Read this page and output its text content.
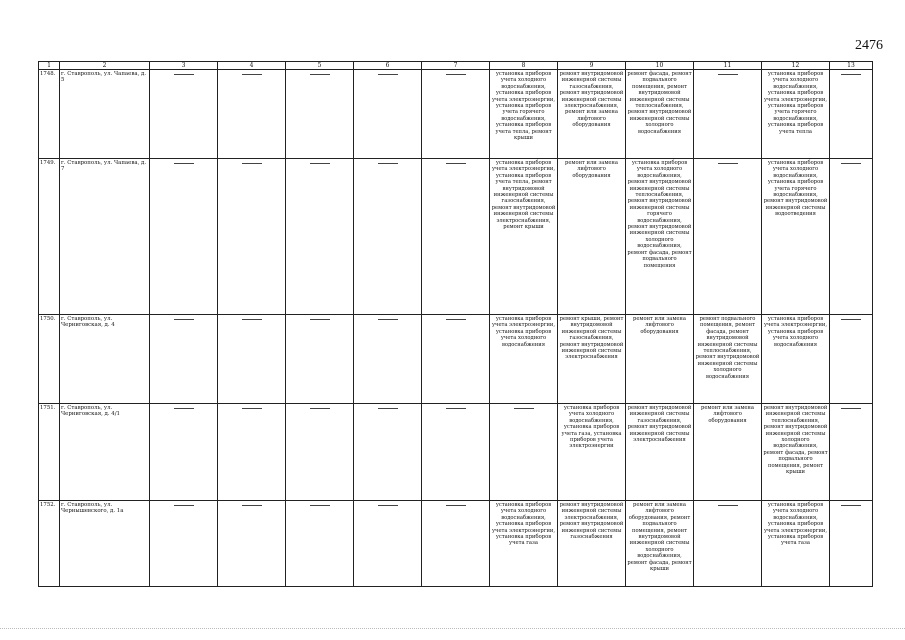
2476
1	2	3	4	5	6	7	8	9	10	11	12	13
1748.	г. Ставрополь, ул. Чапаева, д. 5						установка приборов учета холодного водоснабжения, установка приборов учета электроэнергии, установка приборов учета горячего водоснабжения, установка приборов учета тепла, ремонт крыши	ремонт внутридомовой инженерной системы газоснабжения, ремонт внутридомовой инженерной системы электроснабжения, ремонт или замена лифтового оборудования	ремонт фасада, ремонт подвального помещения, ремонт внутридомовой инженерной системы теплоснабжения, ремонт внутридомовой инженерной системы холодного водоснабжения		установка приборов учета холодного водоснабжения, установка приборов учета электроэнергии, установка приборов учета горячего водоснабжения, установка приборов учета тепла	

1749.	г. Ставрополь, ул. Чапаева, д. 7						установка приборов учета электроэнергии, установка приборов учета тепла, ремонт внутридомовой инженерной системы газоснабжения, ремонт внутридомовой инженерной системы электроснабжения, ремонт крыши	ремонт или замена лифтового оборудования	установка приборов учета холодного водоснабжения, ремонт внутридомовой инженерной системы теплоснабжения, ремонт внутридомовой инженерной системы горячего водоснабжения, ремонт внутридомовой инженерной системы холодного водоснабжения, ремонт фасада, ремонт подвального помещения		установка приборов учета холодного водоснабжения, установка приборов учета горячего водоснабжения, ремонт внутридомовой инженерной системы водоотведения	

1750.	г. Ставрополь, ул. Черниговская, д. 4						установка приборов учета электроэнергии, установка приборов учета холодного водоснабжения	ремонт крыши, ремонт внутридомовой инженерной системы газоснабжения, ремонт внутридомовой инженерной системы электроснабжения	ремонт или замена лифтового оборудования	ремонт подвального помещения, ремонт фасада, ремонт внутридомовой инженерной системы теплоснабжения, ремонт внутридомовой инженерной системы холодного водоснабжения	установка приборов учета электроэнергии, установка приборов учета холодного водоснабжения	

1751.	г. Ставрополь, ул. Черниговская, д. 4/1							установка приборов учета холодного водоснабжения, установка приборов учета газа, установка приборов учета электроэнергии	ремонт внутридомовой инженерной системы газоснабжения, ремонт внутридомовой инженерной системы электроснабжения	ремонт или замена лифтового оборудования	ремонт внутридомовой инженерной системы теплоснабжения, ремонт внутридомовой инженерной системы холодного водоснабжения, ремонт фасада, ремонт подвального помещения, ремонт крыши	

1752.	г. Ставрополь, ул. Чернышевского, д. 1а						установка приборов учета холодного водоснабжения, установка приборов учета электроэнергии, установка приборов учета газа	ремонт внутридомовой инженерной системы электроснабжения, ремонт внутридомовой инженерной системы газоснабжения	ремонт или замена лифтового оборудования, ремонт подвального помещения, ремонт внутридомовой инженерной системы холодного водоснабжения, ремонт фасада, ремонт крыши		установка приборов учета холодного водоснабжения, установка приборов учета электроэнергии, установка приборов учета газа	
